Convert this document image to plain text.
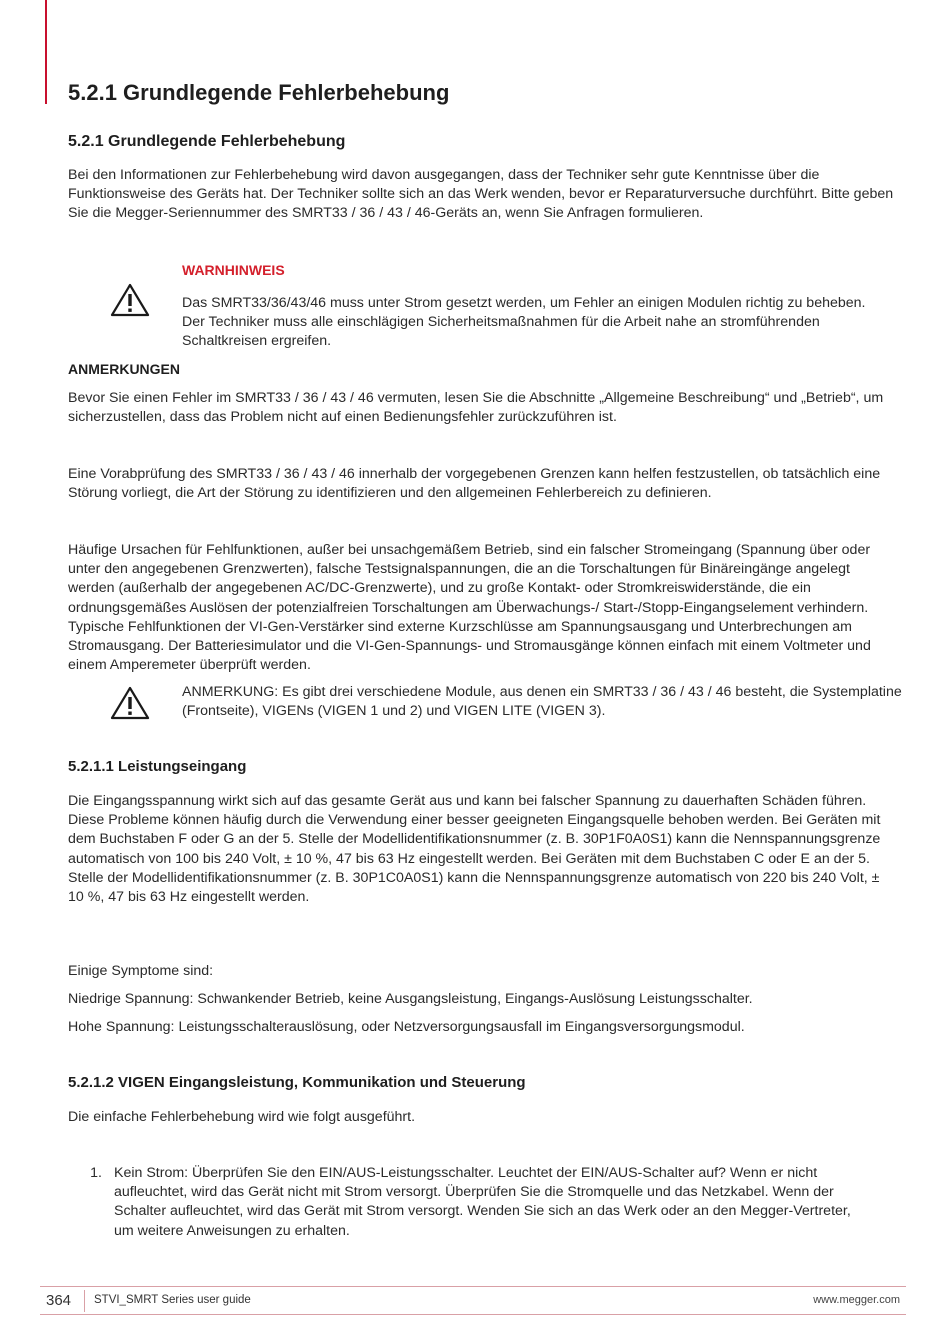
5.2.1 Grundlegende Fehlerbehebung
5.2.1 Grundlegende Fehlerbehebung
Bei den Informationen zur Fehlerbehebung wird davon ausgegangen, dass der Techniker sehr gute Kenntnisse über die Funktionsweise des Geräts hat. Der Techniker sollte sich an das Werk wenden, bevor er Reparaturversuche durchführt. Bitte geben Sie die Megger-Seriennummer des SMRT33 / 36 / 43 / 46-Geräts an, wenn Sie Anfragen formulieren.
WARNHINWEIS
Das SMRT33/36/43/46 muss unter Strom gesetzt werden, um Fehler an einigen Modulen richtig zu beheben. Der Techniker muss alle einschlägigen Sicherheitsmaßnahmen für die Arbeit nahe an stromführenden Schaltkreisen ergreifen.
ANMERKUNGEN
Bevor Sie einen Fehler im SMRT33 / 36 / 43 / 46 vermuten, lesen Sie die Abschnitte „Allgemeine Beschreibung“ und „Betrieb“, um sicherzustellen, dass das Problem nicht auf einen Bedienungsfehler zurückzuführen ist.
Eine Vorabprüfung des SMRT33 / 36 / 43 / 46 innerhalb der vorgegebenen Grenzen kann helfen festzustellen, ob tatsächlich eine Störung vorliegt, die Art der Störung zu identifizieren und den allgemeinen Fehlerbereich zu definieren.
Häufige Ursachen für Fehlfunktionen, außer bei unsachgemäßem Betrieb, sind ein falscher Stromeingang (Spannung über oder unter den angegebenen Grenzwerten), falsche Testsignalspannungen, die an die Torschaltungen für Binäreingänge angelegt werden (außerhalb der angegebenen AC/DC-Grenzwerte), und zu große Kontakt- oder Stromkreiswiderstände, die ein ordnungsgemäßes Auslösen der potenzialfreien Torschaltungen am Überwachungs-/ Start-/Stopp-Eingangselement verhindern. Typische Fehlfunktionen der VI-Gen-Verstärker sind externe Kurzschlüsse am Spannungsausgang und Unterbrechungen am Stromausgang. Der Batteriesimulator und die VI-Gen-Spannungs- und Stromausgänge können einfach mit einem Voltmeter und einem Amperemeter überprüft werden.
ANMERKUNG: Es gibt drei verschiedene Module, aus denen ein SMRT33 / 36 / 43 / 46 besteht, die Systemplatine (Frontseite), VIGENs (VIGEN 1 und 2) und VIGEN LITE (VIGEN 3).
5.2.1.1 Leistungseingang
Die Eingangsspannung wirkt sich auf das gesamte Gerät aus und kann bei falscher Spannung zu dauerhaften Schäden führen. Diese Probleme können häufig durch die Verwendung einer besser geeigneten Eingangsquelle behoben werden. Bei Geräten mit dem Buchstaben F oder G an der 5. Stelle der Modellidentifikationsnummer (z. B. 30P1F0A0S1) kann die Nennspannungsgrenze automatisch von 100 bis 240 Volt, ± 10 %, 47 bis 63 Hz eingestellt werden. Bei Geräten mit dem Buchstaben C oder E an der 5. Stelle der Modellidentifikationsnummer (z. B. 30P1C0A0S1) kann die Nennspannungsgrenze automatisch von 220 bis 240 Volt, ± 10 %, 47 bis 63 Hz eingestellt werden.
Einige Symptome sind:
Niedrige Spannung: Schwankender Betrieb, keine Ausgangsleistung, Eingangs-Auslösung Leistungsschalter.
Hohe Spannung: Leistungsschalterauslösung, oder Netzversorgungsausfall im Eingangsversorgungsmodul.
5.2.1.2 VIGEN Eingangsleistung, Kommunikation und Steuerung
Die einfache Fehlerbehebung wird wie folgt ausgeführt.
1. Kein Strom: Überprüfen Sie den EIN/AUS-Leistungsschalter. Leuchtet der EIN/AUS-Schalter auf? Wenn er nicht aufleuchtet, wird das Gerät nicht mit Strom versorgt. Überprüfen Sie die Stromquelle und das Netzkabel. Wenn der Schalter aufleuchtet, wird das Gerät mit Strom versorgt. Wenden Sie sich an das Werk oder an den Megger-Vertreter, um weitere Anweisungen zu erhalten.
364 STVI_SMRT Series user guide	www.megger.com
